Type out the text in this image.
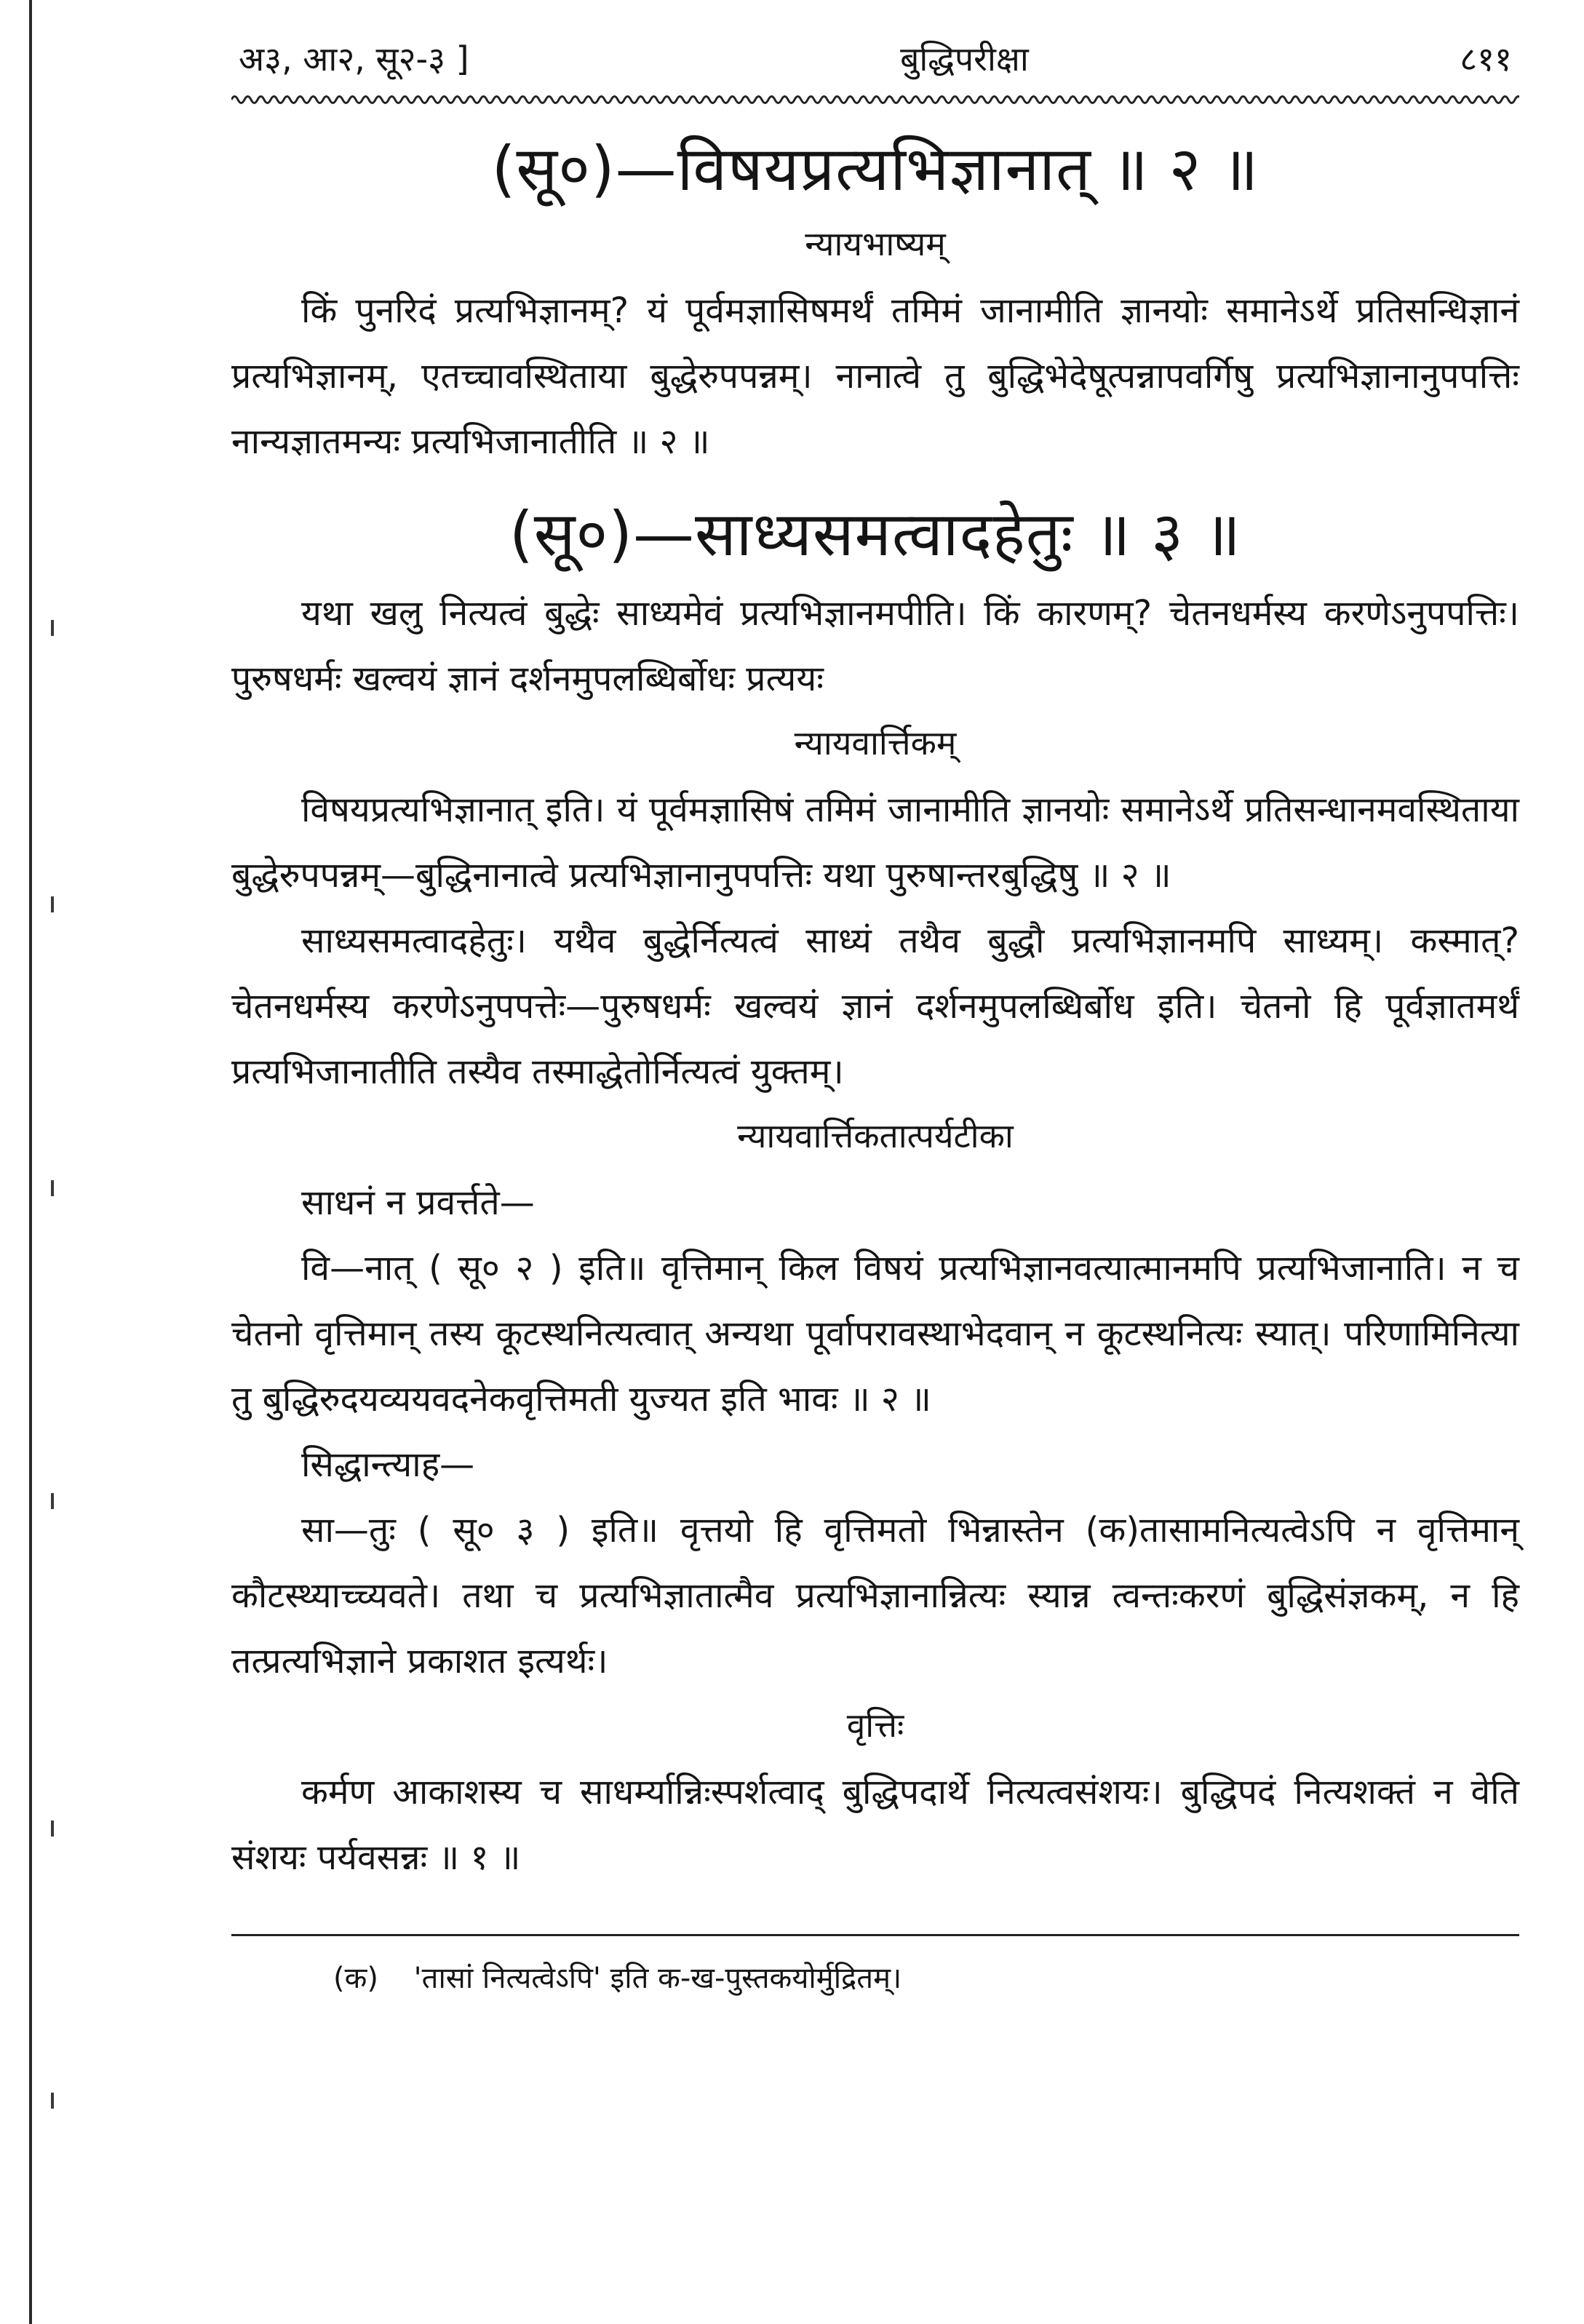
अ३, आ२, सू२-३ ]	बुद्धिपरीक्षा	८११
(सू०)—विषयप्रत्यभिज्ञानात् ॥ २ ॥
न्यायभाष्यम्

किं पुनरिदं प्रत्यभिज्ञानम्? यं पूर्वमज्ञासिषमर्थं तमिमं जानामीति ज्ञानयोः समानेऽर्थे प्रतिसन्धिज्ञानं प्रत्यभिज्ञानम्, एतच्चावस्थिताया बुद्धेरुपपन्नम्। नानात्वे तु बुद्धिभेदेषूत्पन्नापवर्गिषु प्रत्यभिज्ञानानुपपत्तिः नान्यज्ञातमन्यः प्रत्यभिजानातीति ॥ २ ॥

(सू०)—साध्यसमत्वादहेतुः ॥ ३ ॥

यथा खलु नित्यत्वं बुद्धेः साध्यमेवं प्रत्यभिज्ञानमपीति। किं कारणम्? चेतनधर्मस्य करणेऽनुपपत्तिः। पुरुषधर्मः खल्वयं ज्ञानं दर्शनमुपलब्धिर्बोधः प्रत्ययः

न्यायवार्त्तिकम्

विषयप्रत्यभिज्ञानात् इति। यं पूर्वमज्ञासिषं तमिमं जानामीति ज्ञानयोः समानेऽर्थे प्रतिसन्धानमवस्थिताया बुद्धेरुपपन्नम्—बुद्धिनानात्वे प्रत्यभिज्ञानानुपपत्तिः यथा पुरुषान्तरबुद्धिषु ॥ २ ॥

साध्यसमत्वादहेतुः। यथैव बुद्धेर्नित्यत्वं साध्यं तथैव बुद्धौ प्रत्यभिज्ञानमपि साध्यम्। कस्मात्? चेतनधर्मस्य करणेऽनुपपत्तेः—पुरुषधर्मः खल्वयं ज्ञानं दर्शनमुपलब्धिर्बोध इति। चेतनो हि पूर्वज्ञातमर्थं प्रत्यभिजानातीति तस्यैव तस्माद्धेतोर्नित्यत्वं युक्तम्।

न्यायवार्त्तिकतात्पर्यटीका

साधनं न प्रवर्त्तते—

वि—नात् ( सू० २ ) इति॥ वृत्तिमान् किल विषयं प्रत्यभिज्ञानवत्यात्मानमपि प्रत्यभिजानाति। न च चेतनो वृत्तिमान् तस्य कूटस्थनित्यत्वात् अन्यथा पूर्वापरावस्थाभेदवान् न कूटस्थनित्यः स्यात्। परिणामिनित्या तु बुद्धिरुदयव्ययवदनेकवृत्तिमती युज्यत इति भावः ॥ २ ॥

सिद्धान्त्याह—

सा—तुः ( सू० ३ ) इति॥ वृत्तयो हि वृत्तिमतो भिन्नास्तेन (क)तासामनित्यत्वेऽपि न वृत्तिमान् कौटस्थ्याच्च्यवते। तथा च प्रत्यभिज्ञातात्मैव प्रत्यभिज्ञानान्नित्यः स्यान्न त्वन्तःकरणं बुद्धिसंज्ञकम्, न हि तत्प्रत्यभिज्ञाने प्रकाशत इत्यर्थः।

वृत्तिः

कर्मण आकाशस्य च साधर्म्यान्निःस्पर्शत्वाद् बुद्धिपदार्थे नित्यत्वसंशयः। बुद्धिपदं नित्यशक्तं न वेति संशयः पर्यवसन्नः ॥ १ ॥

(क) 'तासां नित्यत्वेऽपि' इति क-ख-पुस्तकयोर्मुद्रितम्।
